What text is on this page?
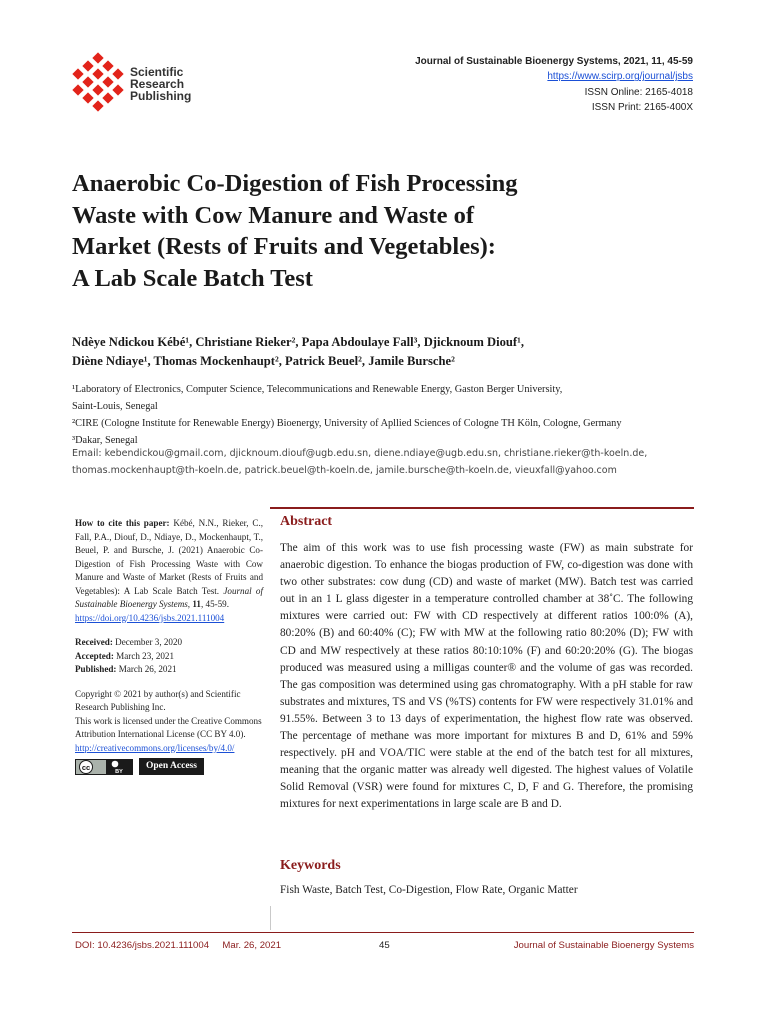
Scientific
Research
Publishing
Journal of Sustainable Bioenergy Systems, 2021, 11, 45-59
https://www.scirp.org/journal/jsbs
ISSN Online: 2165-4018
ISSN Print: 2165-400X
Anaerobic Co-Digestion of Fish Processing
Waste with Cow Manure and Waste of
Market (Rests of Fruits and Vegetables):
A Lab Scale Batch Test
Ndèye Ndickou Kébé¹, Christiane Rieker², Papa Abdoulaye Fall³, Djicknoum Diouf¹,
Diène Ndiaye¹, Thomas Mockenhaupt², Patrick Beuel², Jamile Bursche²
¹Laboratory of Electronics, Computer Science, Telecommunications and Renewable Energy, Gaston Berger University,
Saint-Louis, Senegal
²CIRE (Cologne Institute for Renewable Energy) Bioenergy, University of Apllied Sciences of Cologne TH Köln, Cologne, Germany
³Dakar, Senegal
Email: kebendickou@gmail.com, djicknoum.diouf@ugb.edu.sn, diene.ndiaye@ugb.edu.sn, christiane.rieker@th-koeln.de,
thomas.mockenhaupt@th-koeln.de, patrick.beuel@th-koeln.de, jamile.bursche@th-koeln.de, vieuxfall@yahoo.com
How to cite this paper: Kébé, N.N., Rieker, C., Fall, P.A., Diouf, D., Ndiaye, D., Mockenhaupt, T., Beuel, P. and Bursche, J. (2021) Anaerobic Co-Digestion of Fish Processing Waste with Cow Manure and Waste of Market (Rests of Fruits and Vegetables): A Lab Scale Batch Test. Journal of Sustainable Bioenergy Systems, 11, 45-59.
https://doi.org/10.4236/jsbs.2021.111004
Received: December 3, 2020
Accepted: March 23, 2021
Published: March 26, 2021
Copyright © 2021 by author(s) and Scientific Research Publishing Inc.
This work is licensed under the Creative Commons Attribution International License (CC BY 4.0).
http://creativecommons.org/licenses/by/4.0/
cc	BY
Open Access
Abstract
The aim of this work was to use fish processing waste (FW) as main substrate for anaerobic digestion. To enhance the biogas production of FW, co-digestion was done with two other substrates: cow dung (CD) and waste of market (MW). Batch test was carried out in an 1 L glass digester in a temperature controlled chamber at 38˚C. The following mixtures were carried out: FW with CD respectively at different ratios 100:0% (A), 80:20% (B) and 60:40% (C); FW with MW at the following ratio 80:20% (D); FW with CD and MW respectively at these ratios 80:10:10% (F) and 60:20:20% (G). The biogas produced was measured using a milligas counter® and the volume of gas was recorded. The gas composition was determined using gas chromatography. With a pH stable for raw substrates and mixtures, TS and VS (%TS) contents for FW were respectively 31.01% and 91.55%. Between 3 to 13 days of experimentation, the highest flow rate was observed. The percentage of methane was more important for mixtures B and D, 61% and 59% respectively. pH and VOA/TIC were stable at the end of the batch test for all mixtures, meaning that the organic matter was already well digested. The highest values of Volatile Solid Removal (VSR) were found for mixtures C, D, F and G. Therefore, the promising mixtures for next experimentations in large scale are B and D.
Keywords
Fish Waste, Batch Test, Co-Digestion, Flow Rate, Organic Matter
DOI: 10.4236/jsbs.2021.111004 Mar. 26, 2021	45	Journal of Sustainable Bioenergy Systems
